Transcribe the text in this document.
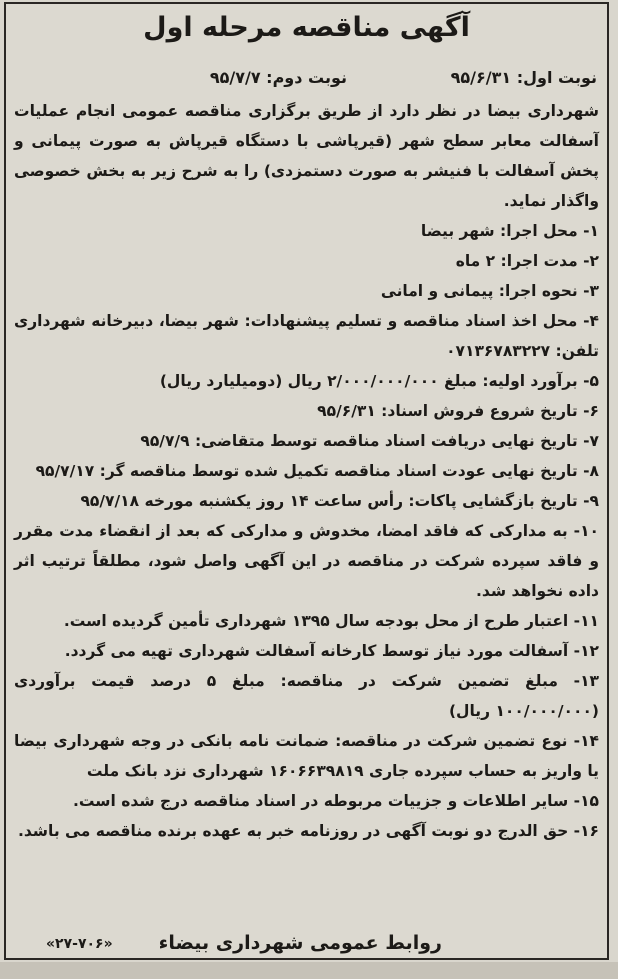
آگهی مناقصه مرحله اول
نوبت اول: ۹۵/۶/۳۱
نوبت دوم: ۹۵/۷/۷

شهرداری بیضا در نظر دارد از طریق برگزاری مناقصه عمومی انجام عملیات آسفالت معابر سطح شهر (قیرپاشی با دستگاه قیرپاش به صورت پیمانی و پخش آسفالت با فنیشر به صورت دستمزدی) را به شرح زیر به بخش خصوصی واگذار نماید.

۱- محل اجرا: شهر بیضا

۲- مدت اجرا: ۲ ماه

۳- نحوه اجرا: پیمانی و امانی

۴- محل اخذ اسناد مناقصه و تسلیم پیشنهادات: شهر بیضا، دبیرخانه شهرداری تلفن: ۰۷۱۳۶۷۸۳۲۲۷

۵- برآورد اولیه: مبلغ ۲/۰۰۰/۰۰۰/۰۰۰ ریال (دومیلیارد ریال)

۶- تاریخ شروع فروش اسناد: ۹۵/۶/۳۱

۷- تاریخ نهایی دریافت اسناد مناقصه توسط متقاضی: ۹۵/۷/۹

۸- تاریخ نهایی عودت اسناد مناقصه تکمیل شده توسط مناقصه گر: ۹۵/۷/۱۷

۹- تاریخ بازگشایی پاکات: رأس ساعت ۱۴ روز یکشنبه مورخه ۹۵/۷/۱۸

۱۰- به مدارکی که فاقد امضا، مخدوش و مدارکی که بعد از انقضاء مدت مقرر و فاقد سپرده شرکت در مناقصه در این آگهی واصل شود، مطلقاً ترتیب اثر داده نخواهد شد.

۱۱- اعتبار طرح از محل بودجه سال ۱۳۹۵ شهرداری تأمین گردیده است.

۱۲- آسفالت مورد نیاز توسط کارخانه آسفالت شهرداری تهیه می گردد.

۱۳- مبلغ تضمین شرکت در مناقصه: مبلغ ۵ درصد قیمت برآوردی (۱۰۰/۰۰۰/۰۰۰ ریال)

۱۴- نوع تضمین شرکت در مناقصه: ضمانت نامه بانکی در وجه شهرداری بیضا یا واریز به حساب سپرده جاری ۱۶۰۶۶۳۹۸۱۹ شهرداری نزد بانک ملت

۱۵- سایر اطلاعات و جزییات مربوطه در اسناد مناقصه درج شده است.

۱۶- حق الدرج دو نوبت آگهی در روزنامه خبر به عهده برنده مناقصه می باشد.

روابط عمومی شهرداری بیضاء
«۲۷-۷۰۶»
